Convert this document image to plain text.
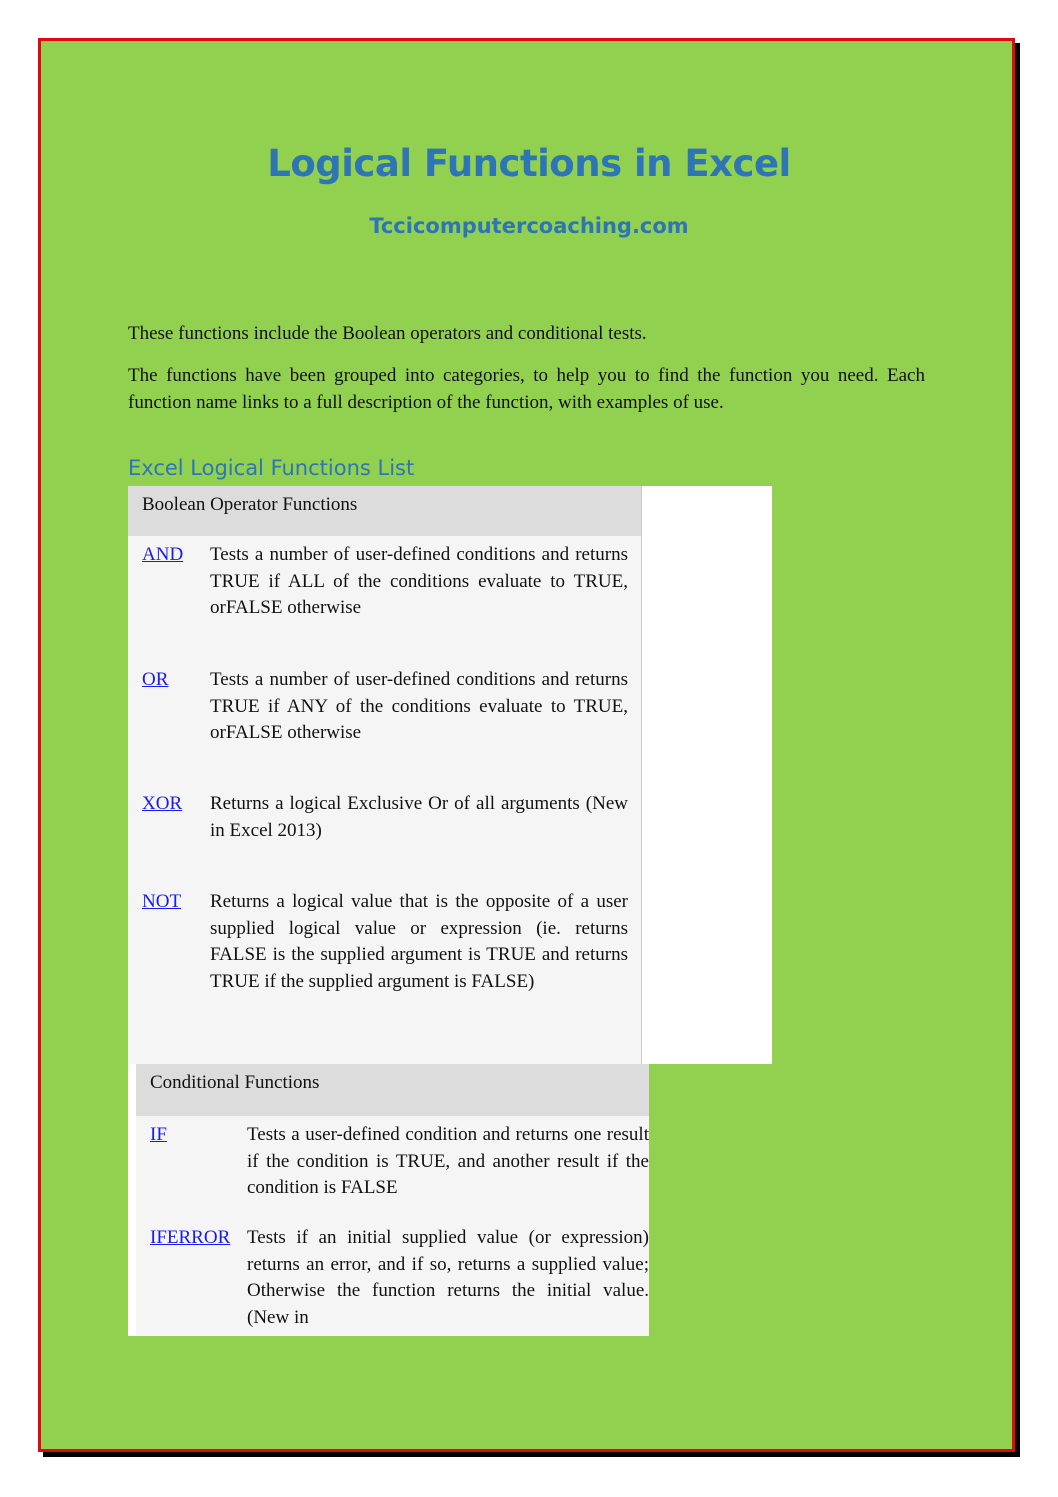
Logical Functions in Excel
Tccicomputercoaching.com
These functions include the Boolean operators and conditional tests.
The functions have been grouped into categories, to help you to find the function you need. Each function name links to a full description of the function, with examples of use.
Excel Logical Functions List
Boolean Operator Functions
AND Tests a number of user-defined conditions and returns TRUE if ALL of the conditions evaluate to TRUE, orFALSE otherwise
OR Tests a number of user-defined conditions and returns TRUE if ANY of the conditions evaluate to TRUE, orFALSE otherwise
XOR Returns a logical Exclusive Or of all arguments (New in Excel 2013)
NOT Returns a logical value that is the opposite of a user supplied logical value or expression (ie. returns FALSE is the supplied argument is TRUE and returns TRUE if the supplied argument is FALSE)
Conditional Functions
IF	Tests a user-defined condition and returns one result if the condition is TRUE, and another result if the condition is FALSE
IFERROR Tests if an initial supplied value (or expression) returns an error, and if so, returns a supplied value; Otherwise the function returns the initial value. (New in
